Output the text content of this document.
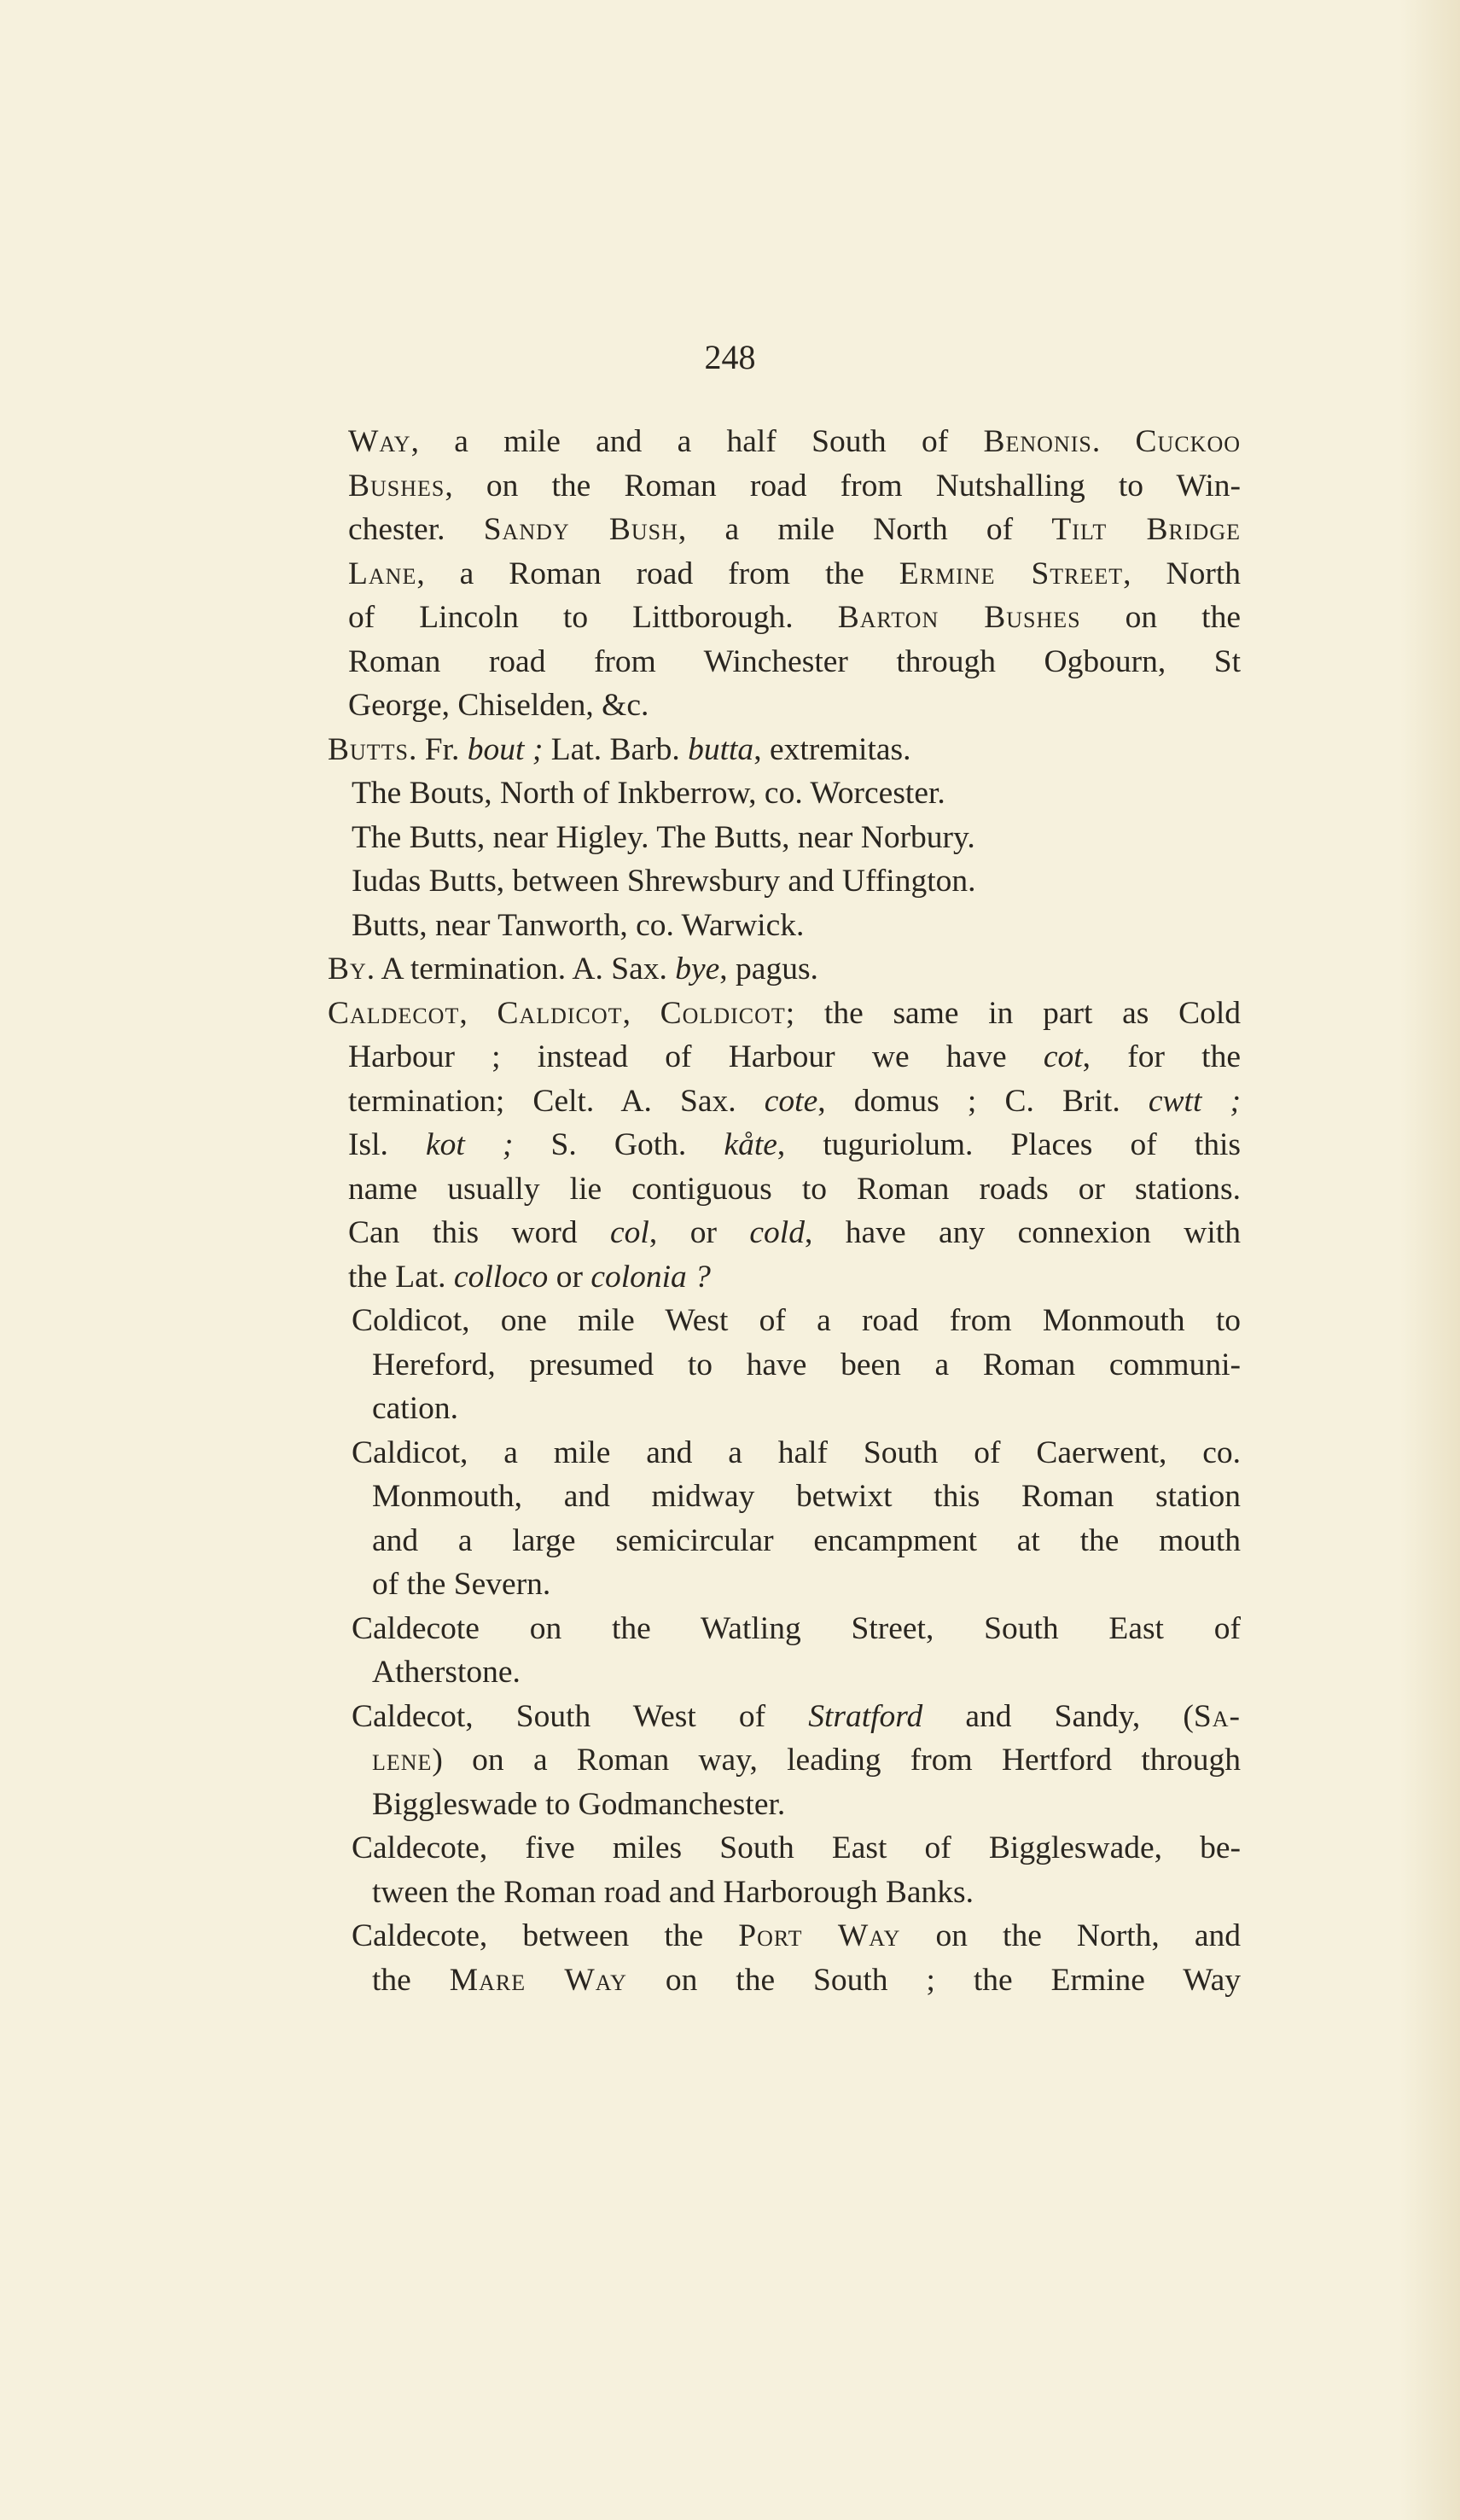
248
Way, a mile and a half South of Benonis. Cuckoo
Bushes, on the Roman road from Nutshalling to Win-
chester. Sandy Bush, a mile North of Tilt Bridge
Lane, a Roman road from the Ermine Street, North
of Lincoln to Littborough. Barton Bushes on the
Roman road from Winchester through Ogbourn, St
George, Chiselden, &c.
Butts. Fr. bout ; Lat. Barb. butta, extremitas.
The Bouts, North of Inkberrow, co. Worcester.
The Butts, near Higley. The Butts, near Norbury.
Iudas Butts, between Shrewsbury and Uffington.
Butts, near Tanworth, co. Warwick.
By. A termination. A. Sax. bye, pagus.
Caldecot, Caldicot, Coldicot; the same in part as Cold
Harbour ; instead of Harbour we have cot, for the
termination; Celt. A. Sax. cote, domus ; C. Brit. cwtt ;
Isl. kot ; S. Goth. kåte, tuguriolum. Places of this
name usually lie contiguous to Roman roads or stations.
Can this word col, or cold, have any connexion with
the Lat. colloco or colonia ?
Coldicot, one mile West of a road from Monmouth to
Hereford, presumed to have been a Roman communi-
cation.
Caldicot, a mile and a half South of Caerwent, co.
Monmouth, and midway betwixt this Roman station
and a large semicircular encampment at the mouth
of the Severn.
Caldecote on the Watling Street, South East of
Atherstone.
Caldecot, South West of Stratford and Sandy, (Sa-
lene) on a Roman way, leading from Hertford through
Biggleswade to Godmanchester.
Caldecote, five miles South East of Biggleswade, be-
tween the Roman road and Harborough Banks.
Caldecote, between the Port Way on the North, and
the Mare Way on the South ; the Ermine Way
